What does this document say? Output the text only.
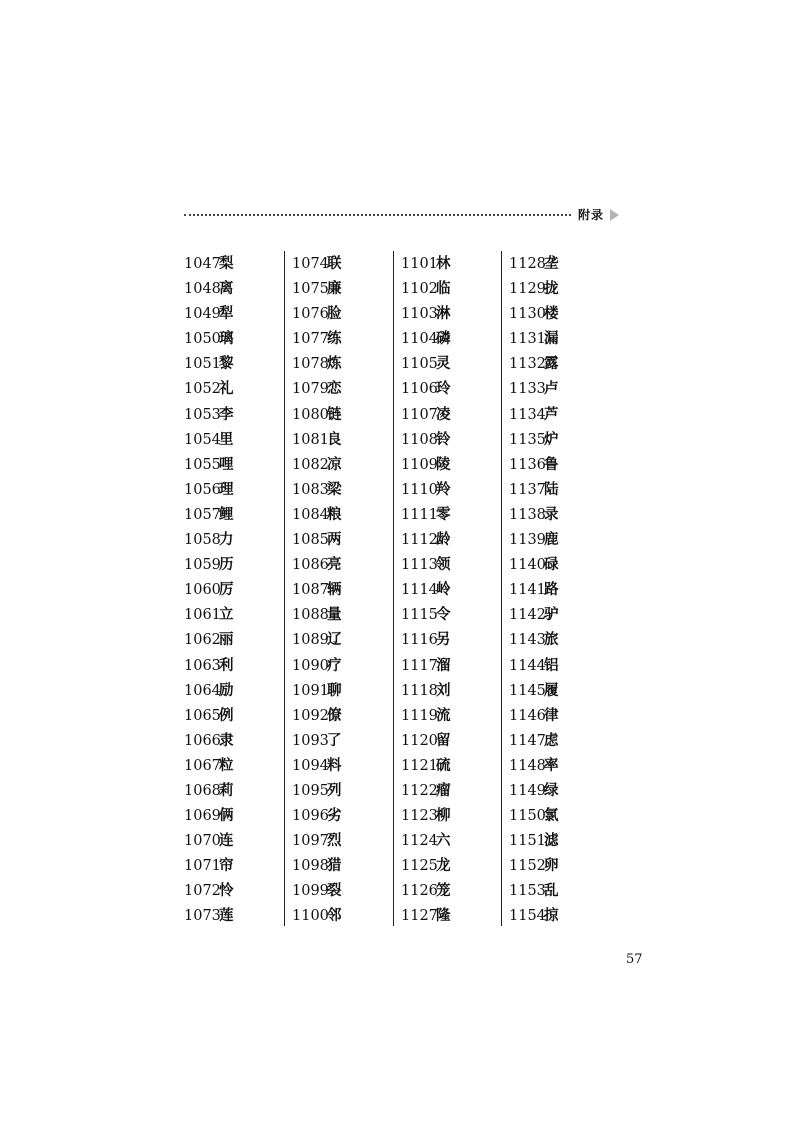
附录
1047梨
1048离
1049犁
1050璃
1051黎
1052礼
1053李
1054里
1055哩
1056理
1057鲤
1058力
1059历
1060厉
1061立
1062丽
1063利
1064励
1065例
1066隶
1067粒
1068莉
1069俩
1070连
1071帘
1072怜
1073莲
1074联
1075廉
1076脸
1077练
1078炼
1079恋
1080链
1081良
1082凉
1083梁
1084粮
1085两
1086亮
1087辆
1088量
1089辽
1090疗
1091聊
1092僚
1093了
1094料
1095列
1096劣
1097烈
1098猎
1099裂
1100邻
1101林
1102临
1103淋
1104磷
1105灵
1106玲
1107凌
1108铃
1109陵
1110羚
1111零
1112龄
1113领
1114岭
1115令
1116另
1117溜
1118刘
1119流
1120留
1121硫
1122瘤
1123柳
1124六
1125龙
1126笼
1127隆
1128垄
1129拢
1130楼
1131漏
1132露
1133卢
1134芦
1135炉
1136鲁
1137陆
1138录
1139鹿
1140碌
1141路
1142驴
1143旅
1144铝
1145履
1146律
1147虑
1148率
1149绿
1150氯
1151滤
1152卵
1153乱
1154掠
57
